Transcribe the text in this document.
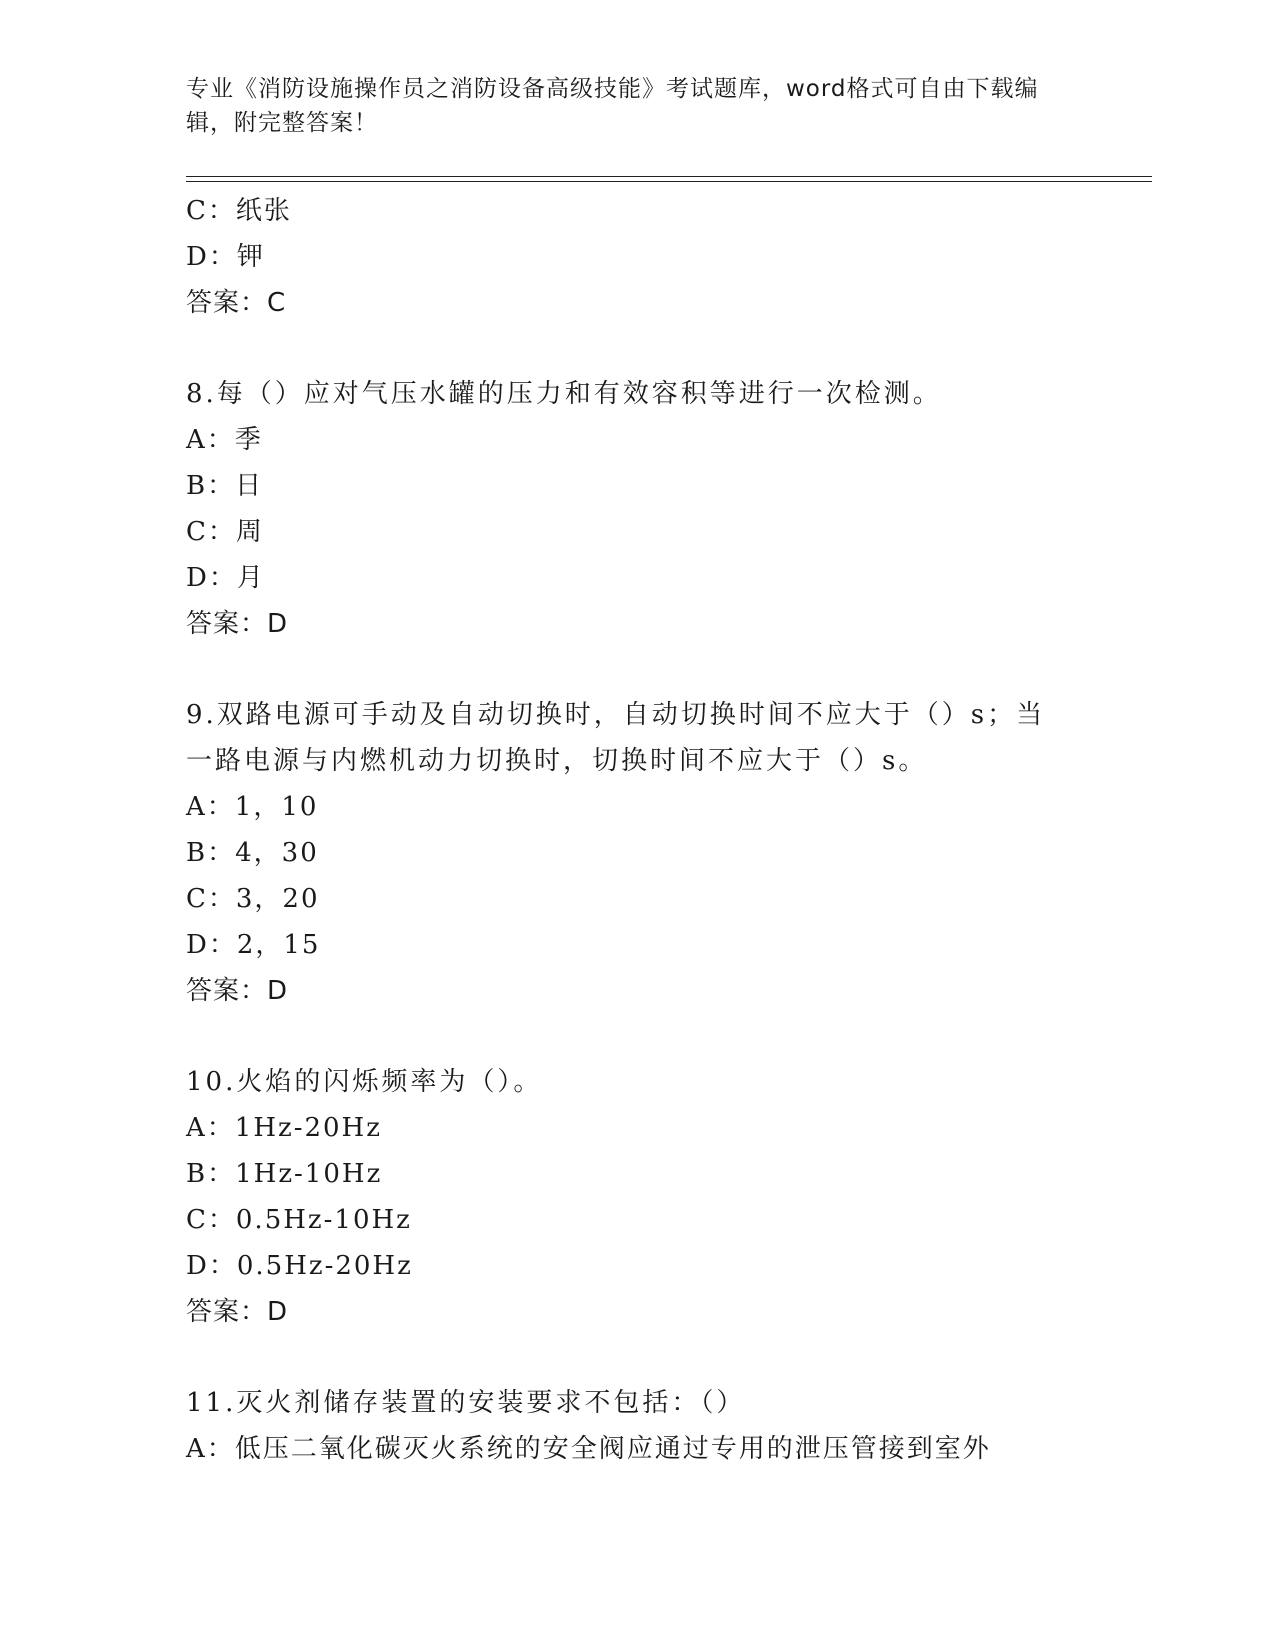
专业《消防设施操作员之消防设备高级技能》考试题库，word格式可自由下载编辑，附完整答案！
C：纸张
D：钾
答案：C
8.每（）应对气压水罐的压力和有效容积等进行一次检测。
A：季
B：日
C：周
D：月
答案：D
9.双路电源可手动及自动切换时，自动切换时间不应大于（）s；当一路电源与内燃机动力切换时，切换时间不应大于（）s。
A：1，10
B：4，30
C：3，20
D：2，15
答案：D
10.火焰的闪烁频率为（）。
A：1Hz-20Hz
B：1Hz-10Hz
C：0.5Hz-10Hz
D：0.5Hz-20Hz
答案：D
11.灭火剂储存装置的安装要求不包括：（）
A：低压二氧化碳灭火系统的安全阀应通过专用的泄压管接到室外
